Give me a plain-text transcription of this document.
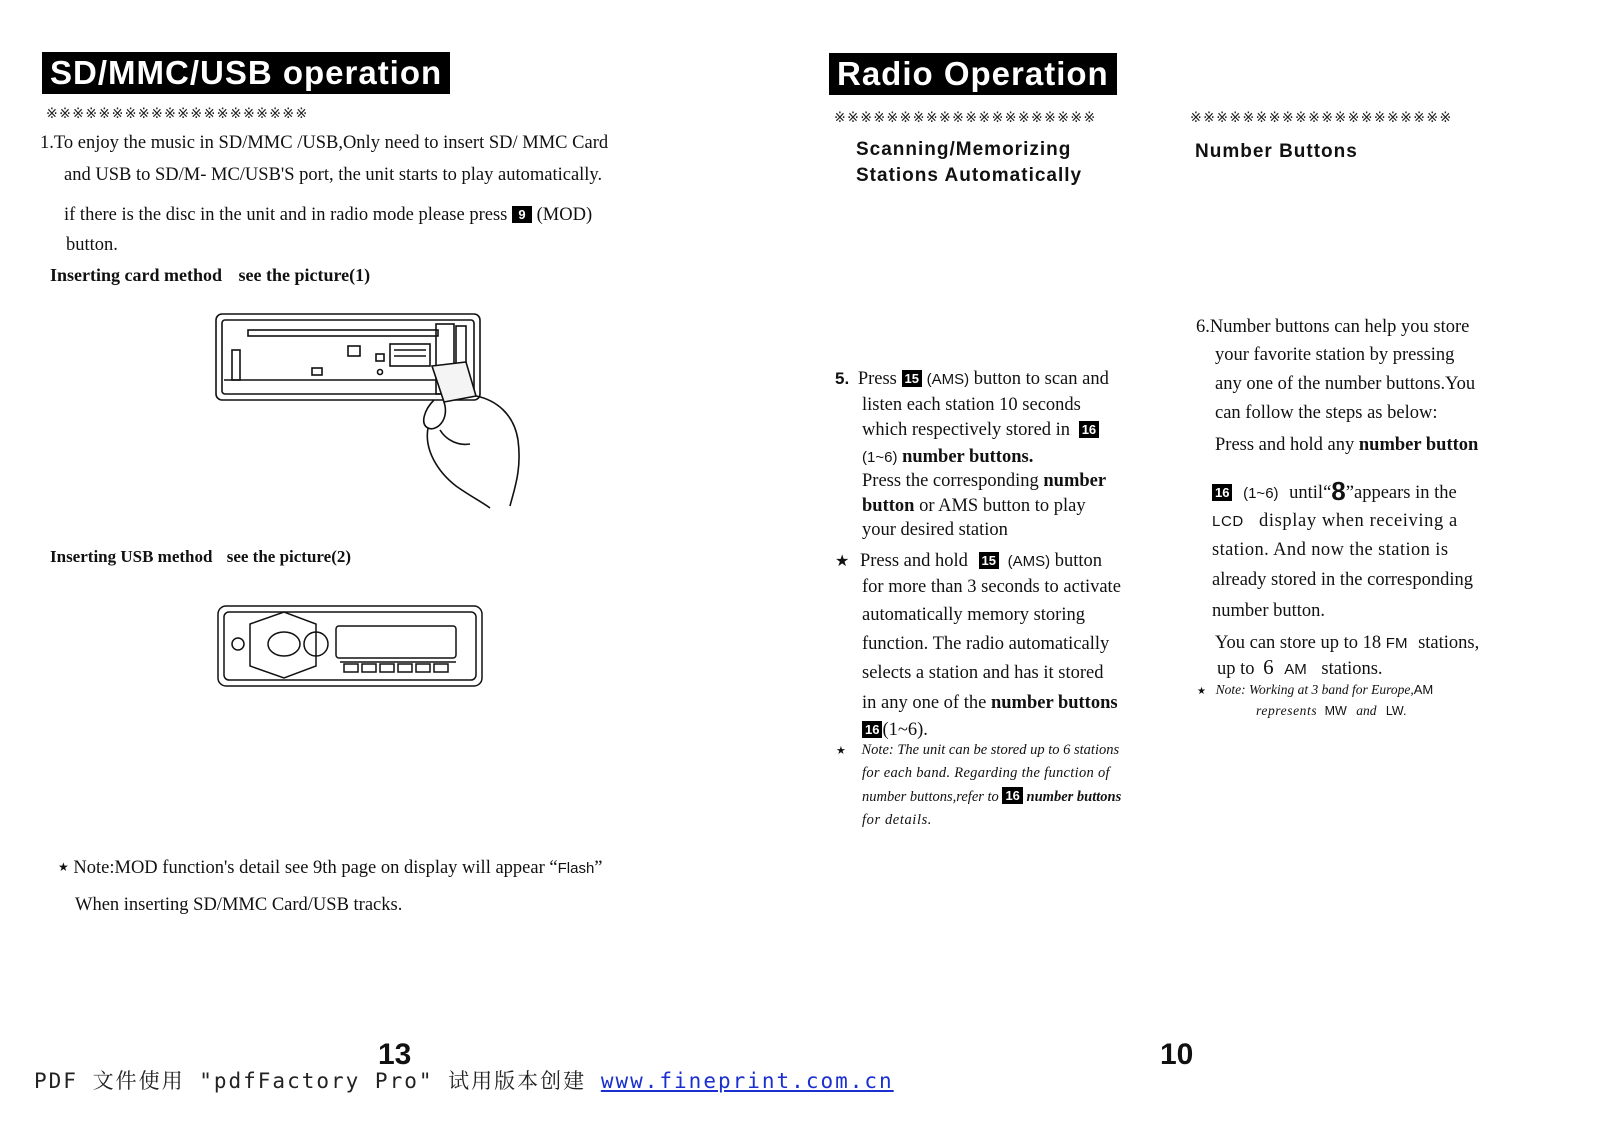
SD/MMC/USB operation
※※※※※※※※※※※※※※※※※※※※
1.To enjoy the music in SD/MMC /USB,Only need to insert SD/ MMC Card
and USB to SD/M- MC/USB'S port, the unit starts to play automatically.
if there is the disc in the unit and in radio mode please press 9 (MOD)
button.
Inserting card method see the picture(1)
Inserting USB method see the picture(2)
★ Note:MOD function's detail see 9th page on display will appear “Flash”
When inserting SD/MMC Card/USB tracks.
13
Radio Operation
※※※※※※※※※※※※※※※※※※※※	※※※※※※※※※※※※※※※※※※※※
Scanning/Memorizing
Stations Automatically
Number Buttons
5. Press 15 (AMS) button to scan and
listen each station 10 seconds
which respectively stored in 16
(1~6) number buttons.
Press the corresponding number
button or AMS button to play
your desired station
★ Press and hold 15 (AMS) button
for more than 3 seconds to activate
automatically memory storing
function. The radio automatically
selects a station and has it stored
in any one of the number buttons
16 (1~6).
★ Note: The unit can be stored up to 6 stations
for each band. Regarding the function of
number buttons,refer to 16 number buttons
for details.
6.Number buttons can help you store
your favorite station by pressing
any one of the number buttons.You
can follow the steps as below:
Press and hold any number button
16 (1~6) until“8”appears in the
LCD display when receiving a
station. And now the station is
already stored in the corresponding
number button.
You can store up to 18 FM stations,
up to 6 AM stations.
★ Note: Working at 3 band for Europe,AM
represents MW and LW.
10
PDF 文件使用 "pdfFactory Pro" 试用版本创建 www.fineprint.com.cn
